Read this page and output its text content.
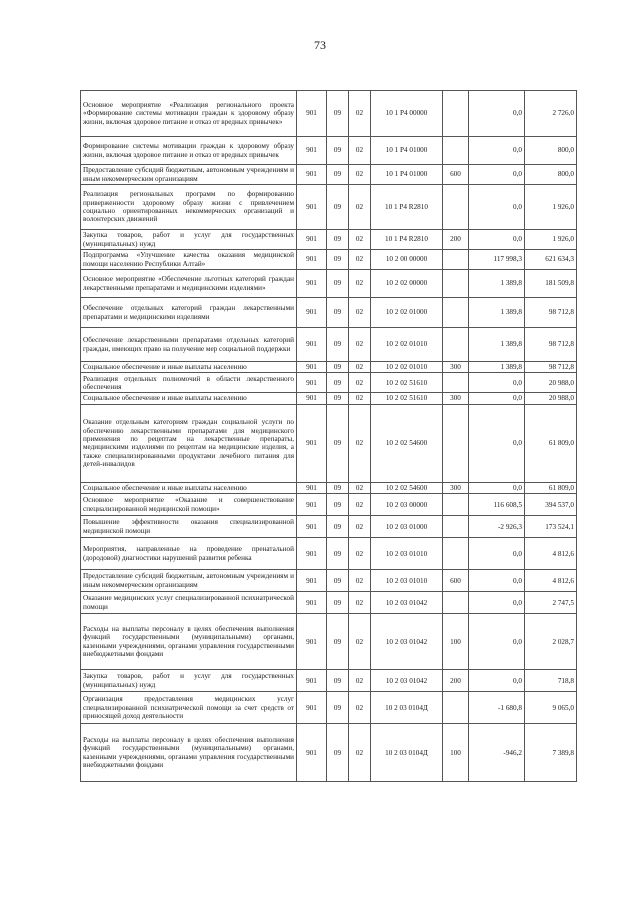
73
Основное мероприятие «Реализация регионального проекта «Формирование системы мотивации граждан к здоровому образу жизни, включая здоровое питание и отказ от вредных привычек»	901	09	02	10 1 P4 00000		0,0	2 726,0
Формирование системы мотивации граждан к здоровому образу жизни, включая здоровое питание и отказ от вредных привычек	901	09	02	10 1 P4 01000		0,0	800,0
Предоставление субсидий бюджетным, автономным учреждениям и иным некоммерческим организациям	901	09	02	10 1 P4 01000	600	0,0	800,0
Реализация региональных программ по формированию приверженности здоровому образу жизни с привлечением социально ориентированных некоммерческих организаций и волонтерских движений	901	09	02	10 1 P4 R2810		0,0	1 926,0
Закупка товаров, работ и услуг для государственных (муниципальных) нужд	901	09	02	10 1 P4 R2810	200	0,0	1 926,0
Подпрограмма «Улучшение качества оказания медицинской помощи населению Республики Алтай»	901	09	02	10 2 00 00000		117 998,3	621 634,3
Основное мероприятие «Обеспечение льготных категорий граждан лекарственными препаратами и медицинскими изделиями»	901	09	02	10 2 02 00000		1 389,8	181 509,8
Обеспечение отдельных категорий граждан лекарственными препаратами и медицинскими изделиями	901	09	02	10 2 02 01000		1 389,8	98 712,8
Обеспечение лекарственными препаратами отдельных категорий граждан, имеющих право на получение мер социальной поддержки	901	09	02	10 2 02 01010		1 389,8	98 712,8
Социальное обеспечение и иные выплаты населению	901	09	02	10 2 02 01010	300	1 389,8	98 712,8
Реализация отдельных полномочий в области лекарственного обеспечения	901	09	02	10 2 02 51610		0,0	20 988,0
Социальное обеспечение и иные выплаты населению	901	09	02	10 2 02 51610	300	0,0	20 988,0
Оказание отдельным категориям граждан социальной услуги по обеспечению лекарственными препаратами для медицинского применения по рецептам на лекарственные препараты, медицинскими изделиями по рецептам на медицинские изделия, а также специализированными продуктами лечебного питания для детей-инвалидов	901	09	02	10 2 02 54600		0,0	61 809,0
Социальное обеспечение и иные выплаты населению	901	09	02	10 2 02 54600	300	0,0	61 809,0
Основное мероприятие «Оказание и совершенствование специализированной медицинской помощи»	901	09	02	10 2 03 00000		116 608,5	394 537,0
Повышение эффективности оказания специализированной медицинской помощи	901	09	02	10 2 03 01000		-2 926,3	173 524,1
Мероприятия, направленные на проведение пренатальной (дородовой) диагностики нарушений развития ребенка	901	09	02	10 2 03 01010		0,0	4 812,6
Предоставление субсидий бюджетным, автономным учреждениям и иным некоммерческим организациям	901	09	02	10 2 03 01010	600	0,0	4 812,6
Оказание медицинских услуг специализированной психиатрической помощи	901	09	02	10 2 03 01042		0,0	2 747,5
Расходы на выплаты персоналу в целях обеспечения выполнения функций государственными (муниципальными) органами, казенными учреждениями, органами управления государственными внебюджетными фондами	901	09	02	10 2 03 01042	100	0,0	2 028,7
Закупка товаров, работ и услуг для государственных (муниципальных) нужд	901	09	02	10 2 03 01042	200	0,0	718,8
Организация предоставления медицинских услуг специализированной психиатрической помощи за счет средств от приносящей доход деятельности	901	09	02	10 2 03 0104Д		-1 680,8	9 065,0
Расходы на выплаты персоналу в целях обеспечения выполнения функций государственными (муниципальными) органами, казенными учреждениями, органами управления государственными внебюджетными фондами	901	09	02	10 2 03 0104Д	100	-946,2	7 389,8
